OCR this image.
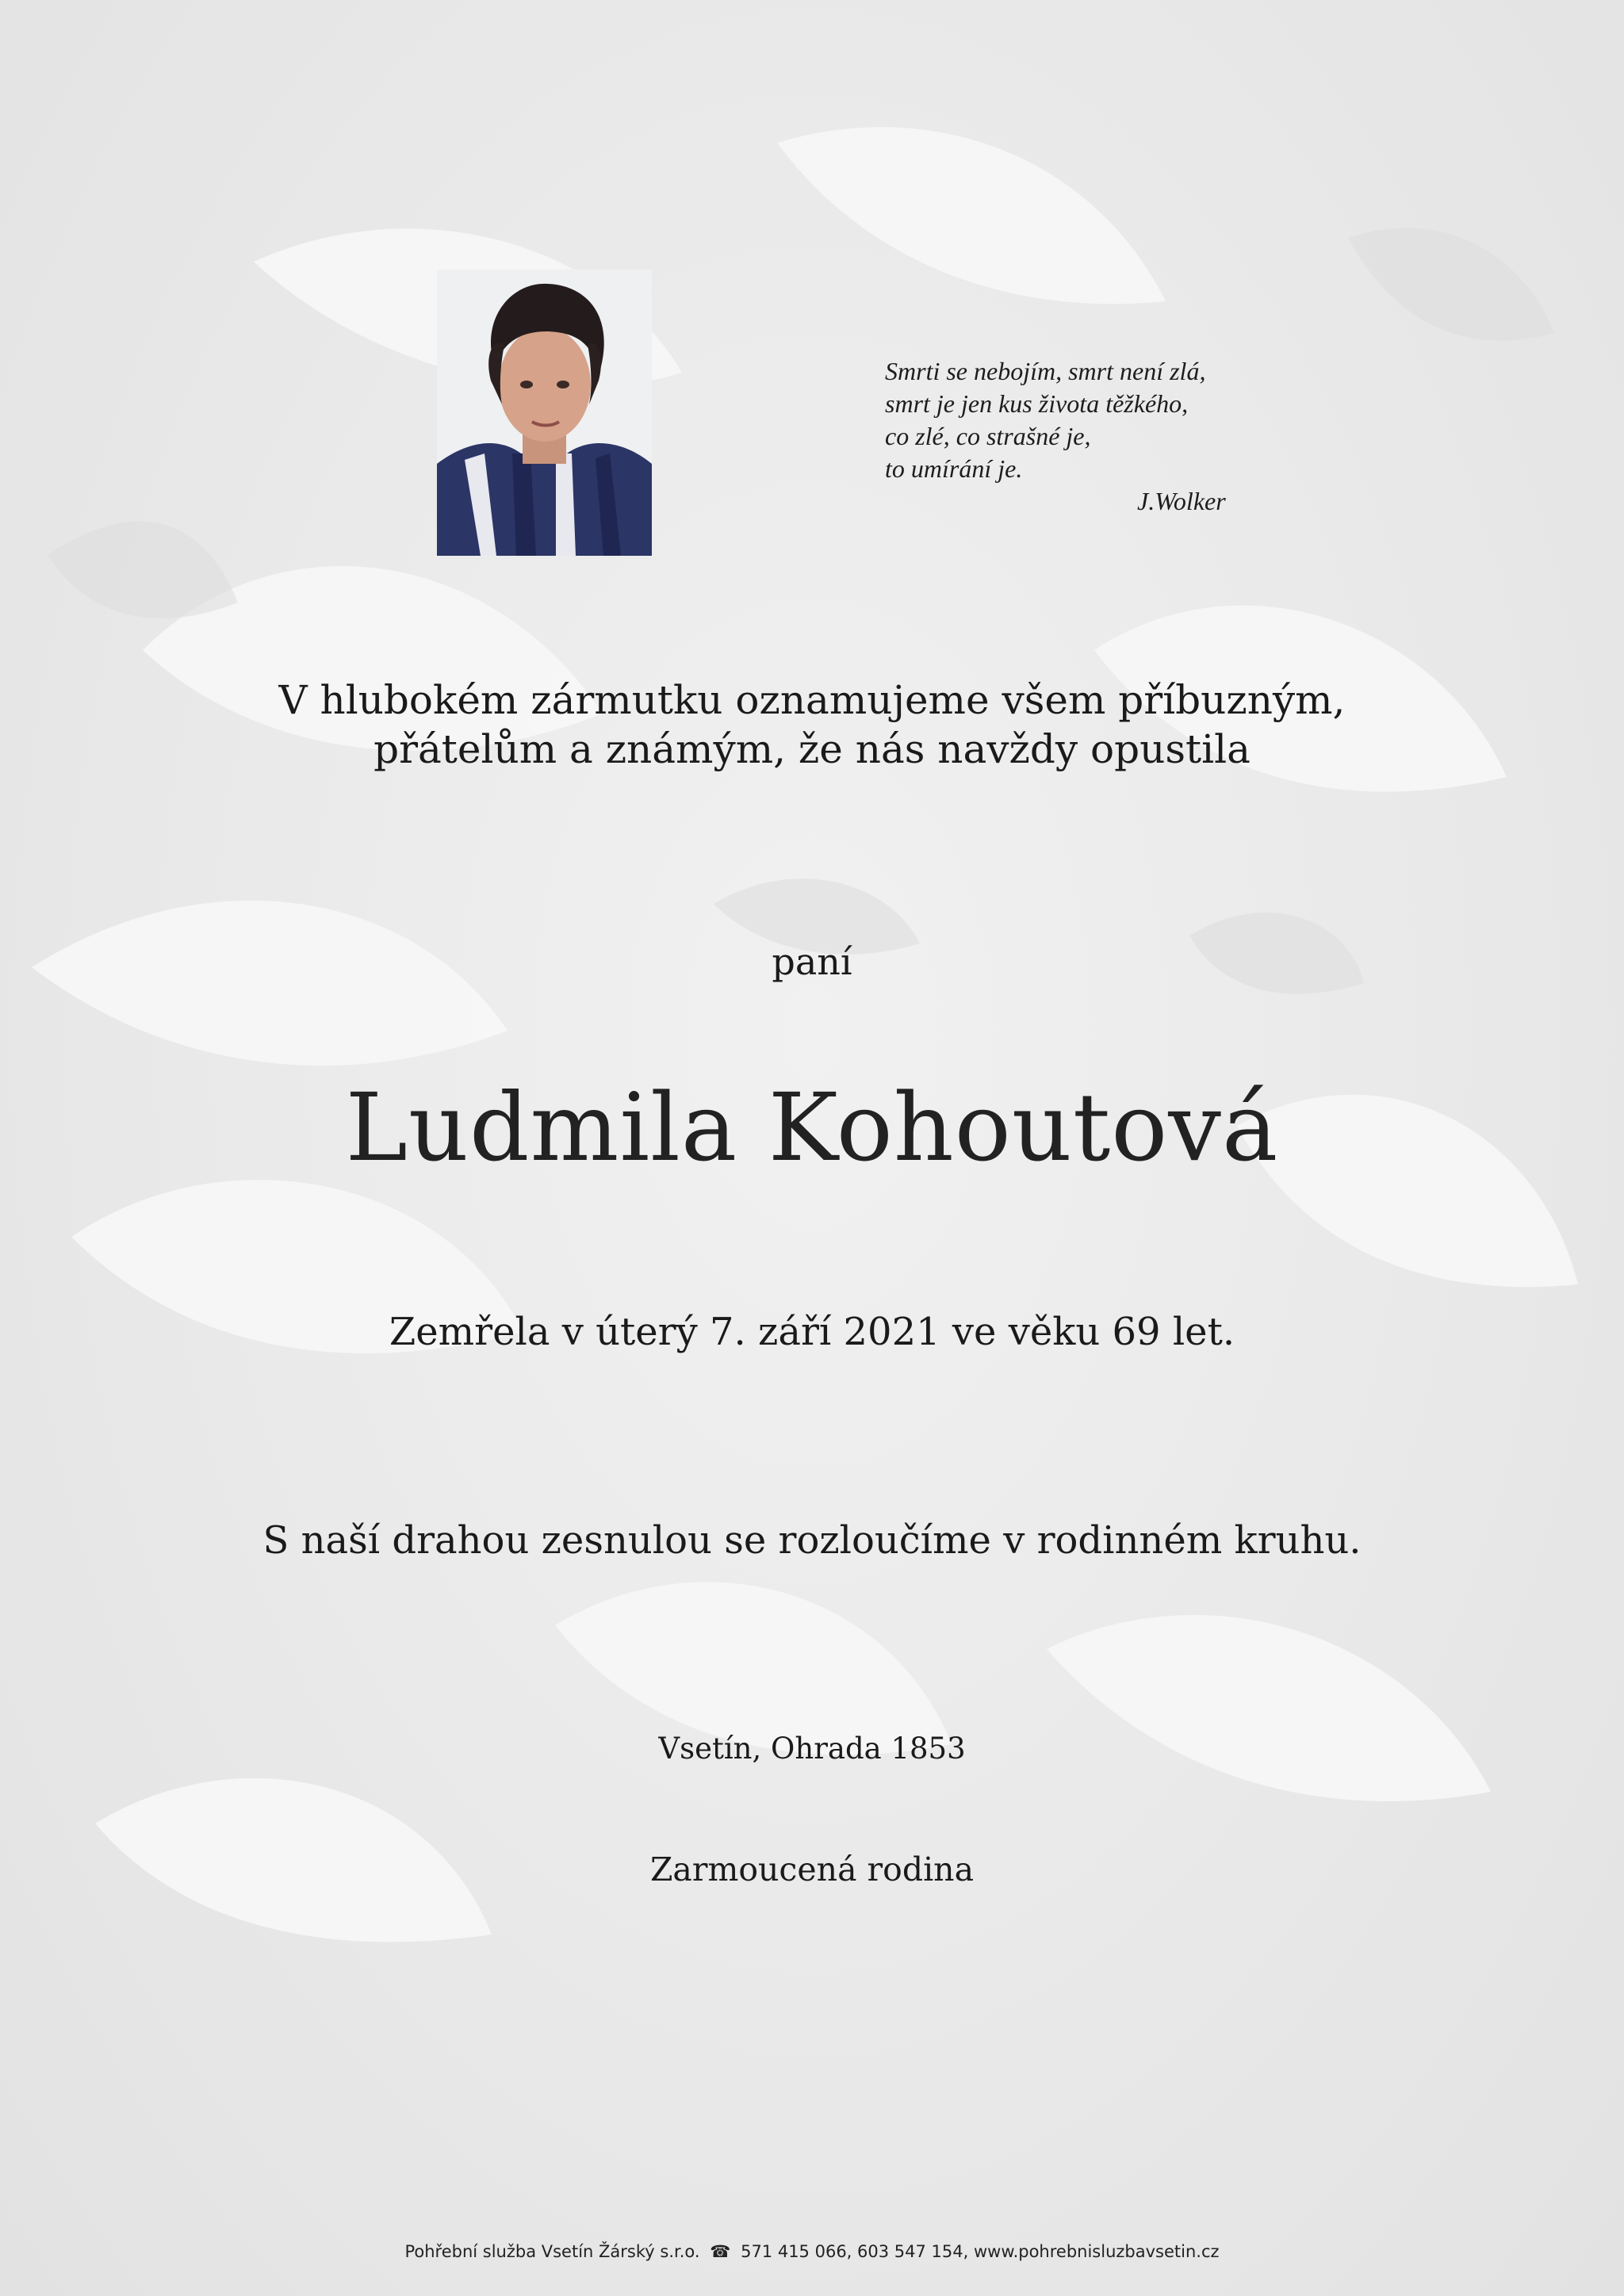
Smrti se nebojím, smrt není zlá,
smrt je jen kus života těžkého,
co zlé, co strašné je,
to umírání je.
J.Wolker
V hlubokém zármutku oznamujeme všem příbuzným,
přátelům a známým, že nás navždy opustila
paní
Ludmila Kohoutová
Zemřela v úterý 7. září 2021 ve věku 69 let.
S naší drahou zesnulou se rozloučíme v rodinném kruhu.
Vsetín, Ohrada 1853
Zarmoucená rodina
Pohřební služba Vsetín Žárský s.r.o. ☎ 571 415 066, 603 547 154, www.pohrebnisluzbavsetin.cz
